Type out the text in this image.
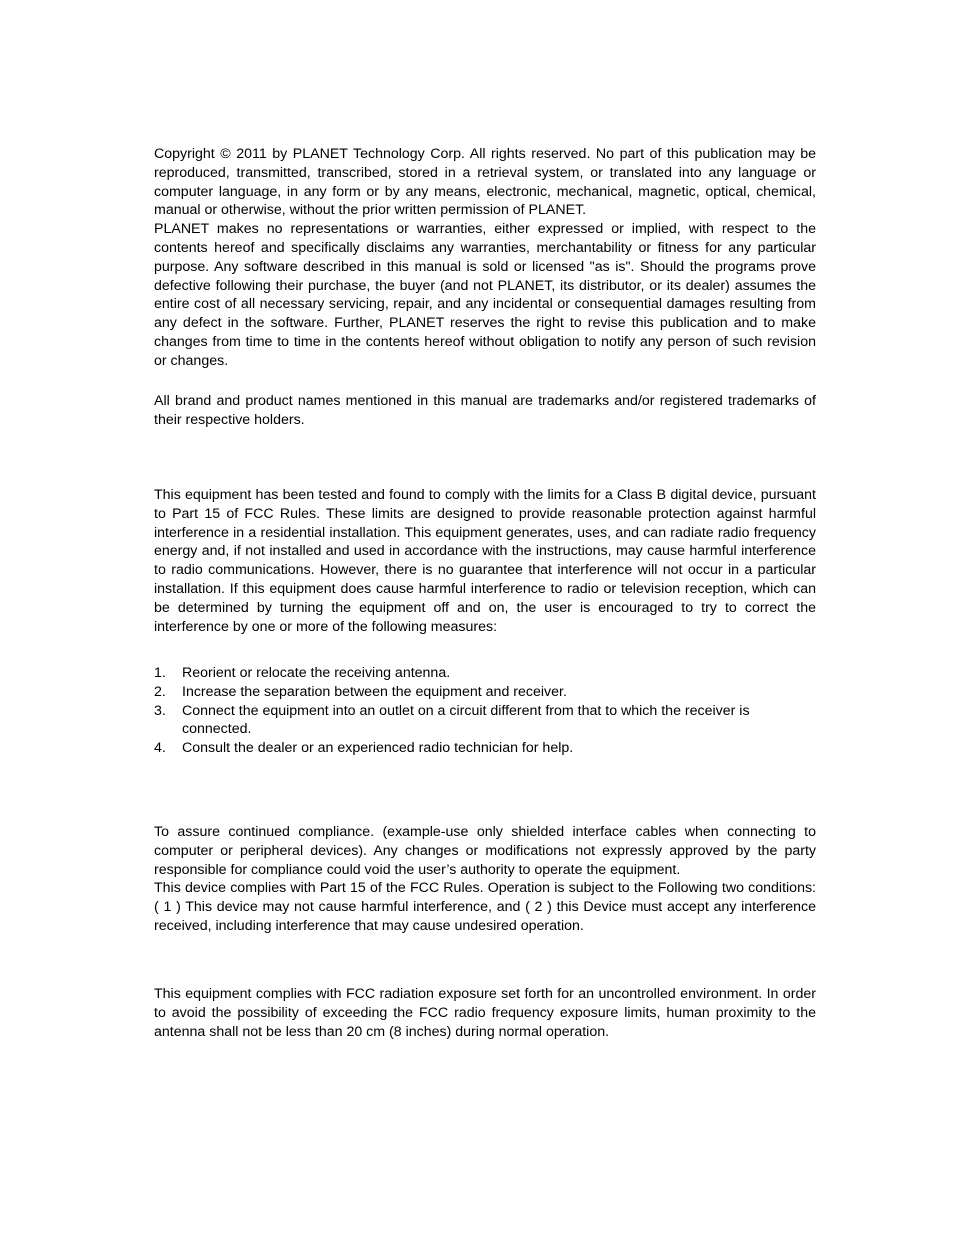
Copyright © 2011 by PLANET Technology Corp. All rights reserved. No part of this publication may be reproduced, transmitted, transcribed, stored in a retrieval system, or translated into any language or computer language, in any form or by any means, electronic, mechanical, magnetic, optical, chemical, manual or otherwise, without the prior written permission of PLANET.

PLANET makes no representations or warranties, either expressed or implied, with respect to the contents hereof and specifically disclaims any warranties, merchantability or fitness for any particular purpose. Any software described in this manual is sold or licensed "as is". Should the programs prove defective following their purchase, the buyer (and not PLANET, its distributor, or its dealer) assumes the entire cost of all necessary servicing, repair, and any incidental or consequential damages resulting from any defect in the software. Further, PLANET reserves the right to revise this publication and to make changes from time to time in the contents hereof without obligation to notify any person of such revision or changes.

All brand and product names mentioned in this manual are trademarks and/or registered trademarks of their respective holders.

This equipment has been tested and found to comply with the limits for a Class B digital device, pursuant to Part 15 of FCC Rules. These limits are designed to provide reasonable protection against harmful interference in a residential installation. This equipment generates, uses, and can radiate radio frequency energy and, if not installed and used in accordance with the instructions, may cause harmful interference to radio communications. However, there is no guarantee that interference will not occur in a particular installation. If this equipment does cause harmful interference to radio or television reception, which can be determined by turning the equipment off and on, the user is encouraged to try to correct the interference by one or more of the following measures:

1. Reorient or relocate the receiving antenna.
2. Increase the separation between the equipment and receiver.
3. Connect the equipment into an outlet on a circuit different from that to which the receiver is connected.
4. Consult the dealer or an experienced radio technician for help.

To assure continued compliance. (example-use only shielded interface cables when connecting to computer or peripheral devices). Any changes or modifications not expressly approved by the party responsible for compliance could void the user’s authority to operate the equipment.

This device complies with Part 15 of the FCC Rules. Operation is subject to the Following two conditions: ( 1 ) This device may not cause harmful interference, and ( 2 ) this Device must accept any interference received, including interference that may cause undesired operation.

This equipment complies with FCC radiation exposure set forth for an uncontrolled environment. In order to avoid the possibility of exceeding the FCC radio frequency exposure limits, human proximity to the antenna shall not be less than 20 cm (8 inches) during normal operation.
